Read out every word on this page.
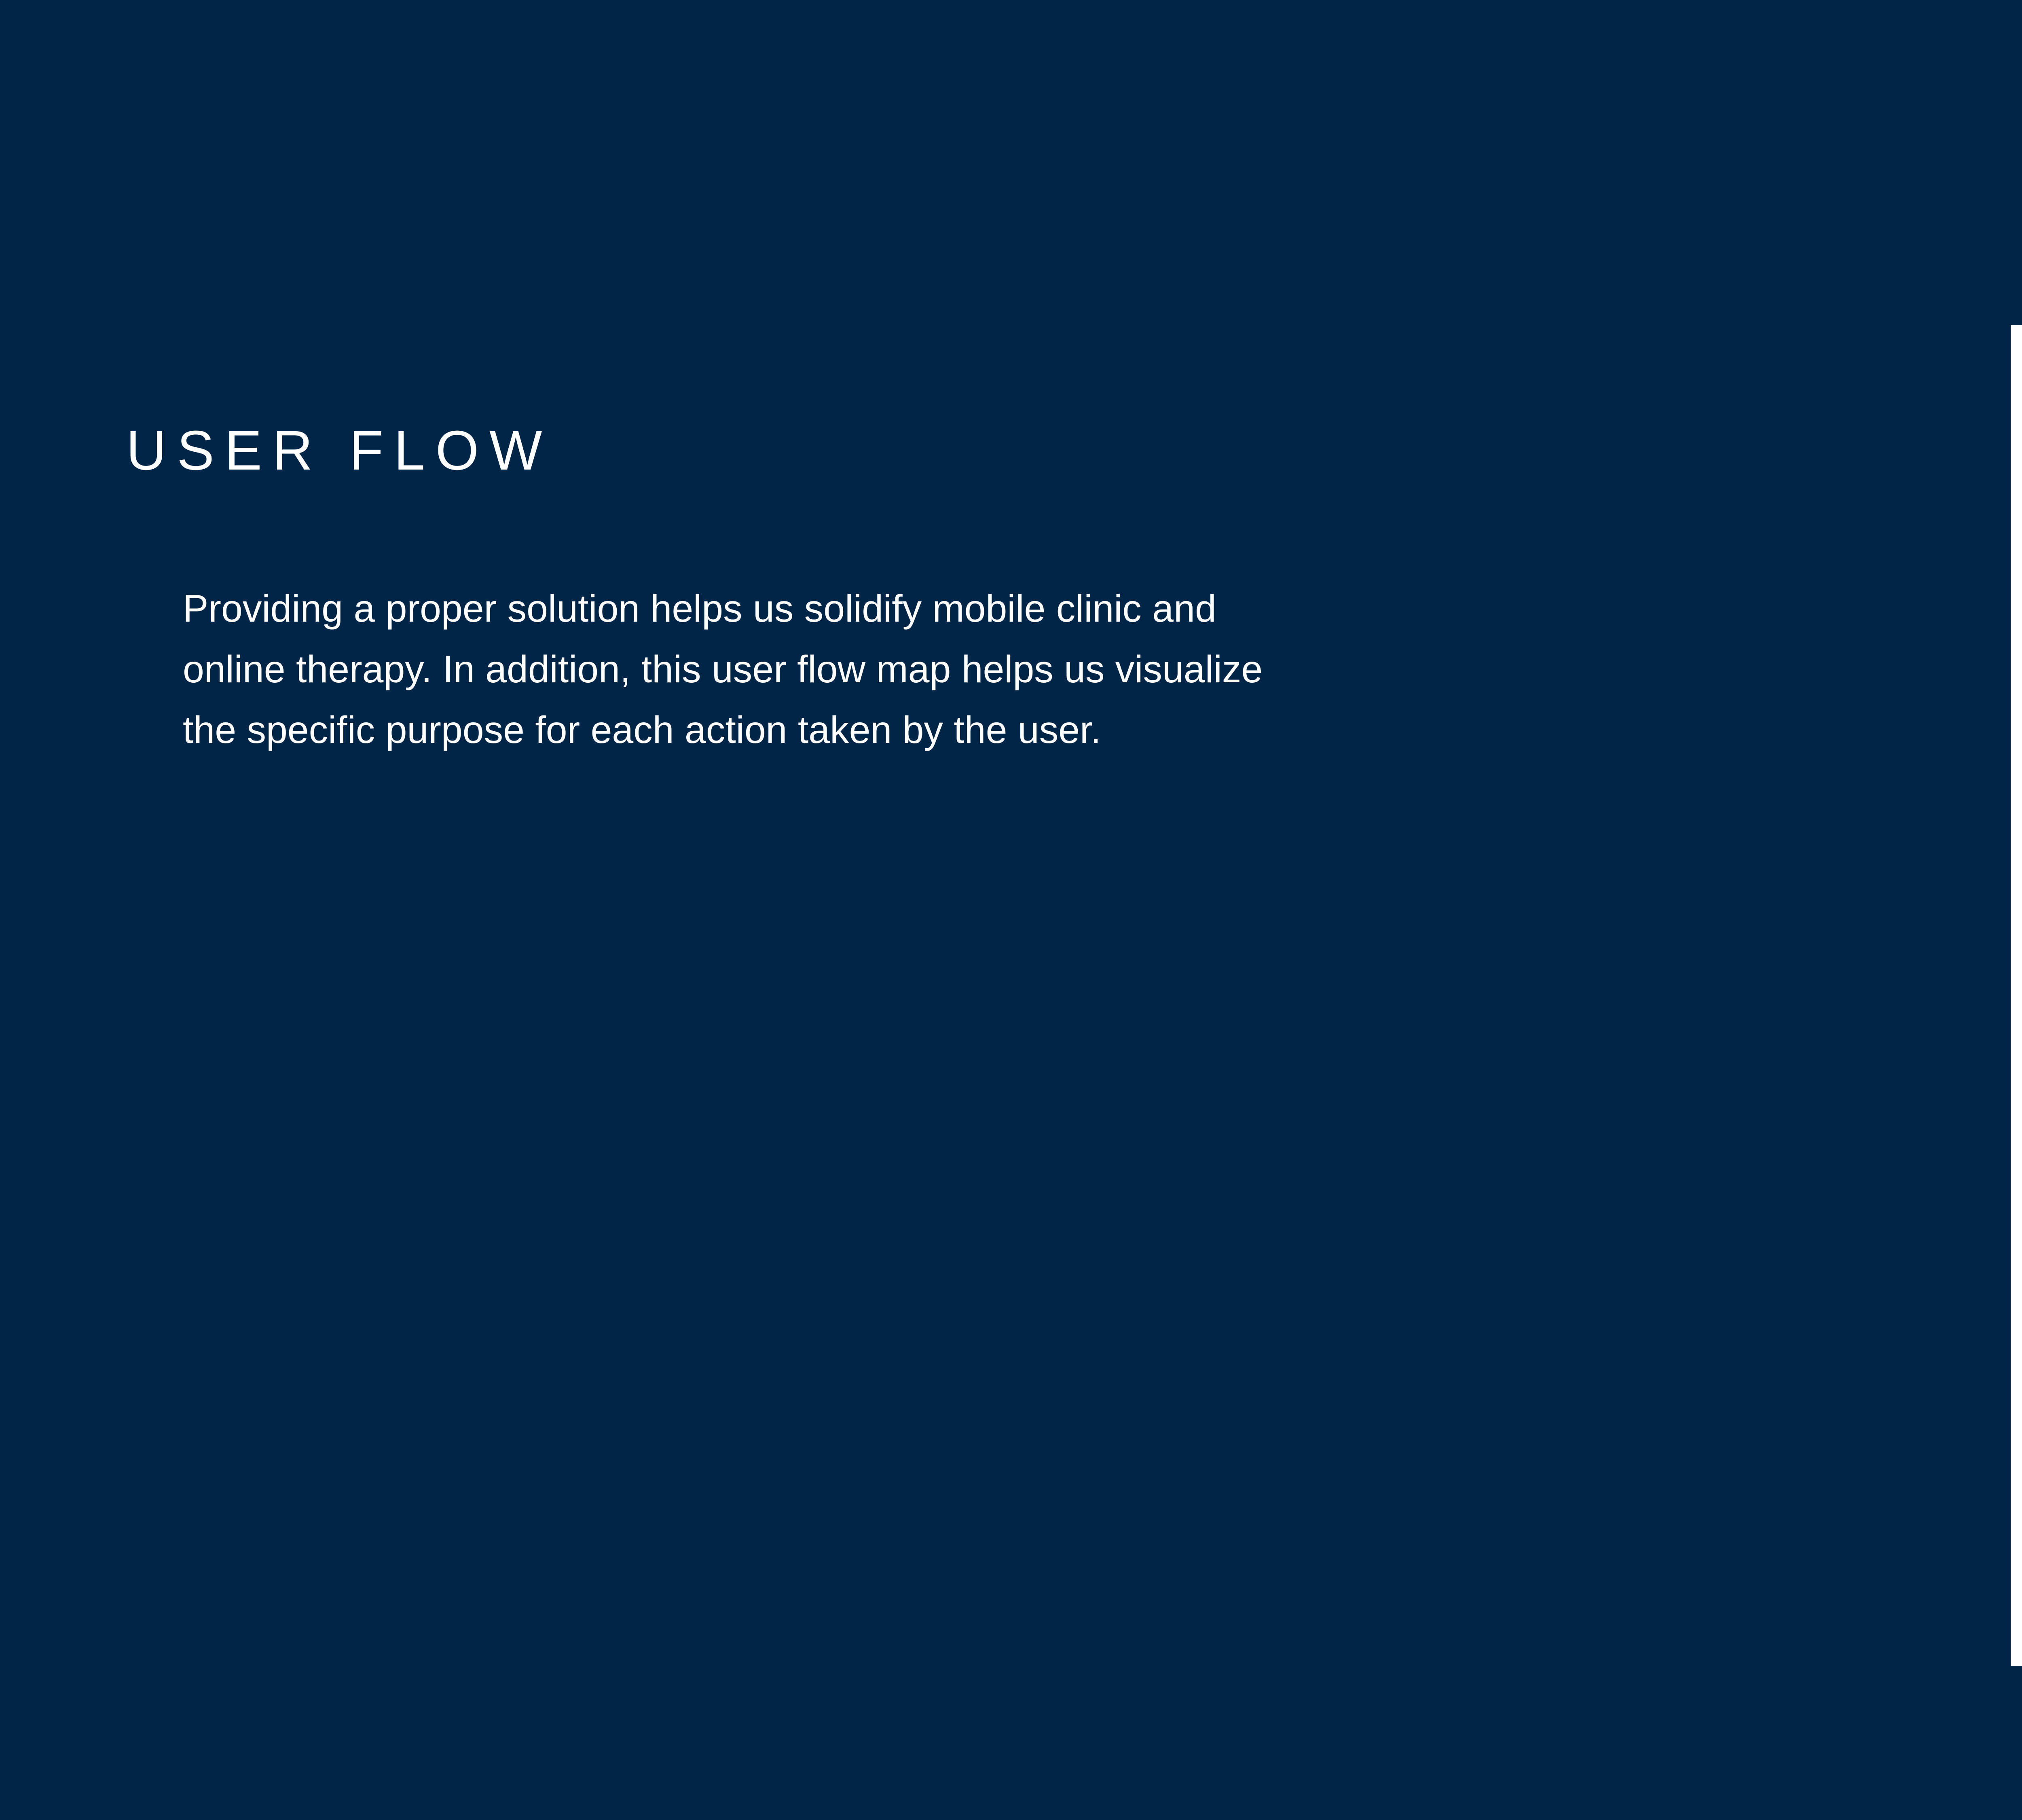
USER FLOW

Providing a proper solution helps us solidify mobile clinic and
online therapy. In addition, this user flow map helps us visualize
the specific purpose for each action taken by the user.
